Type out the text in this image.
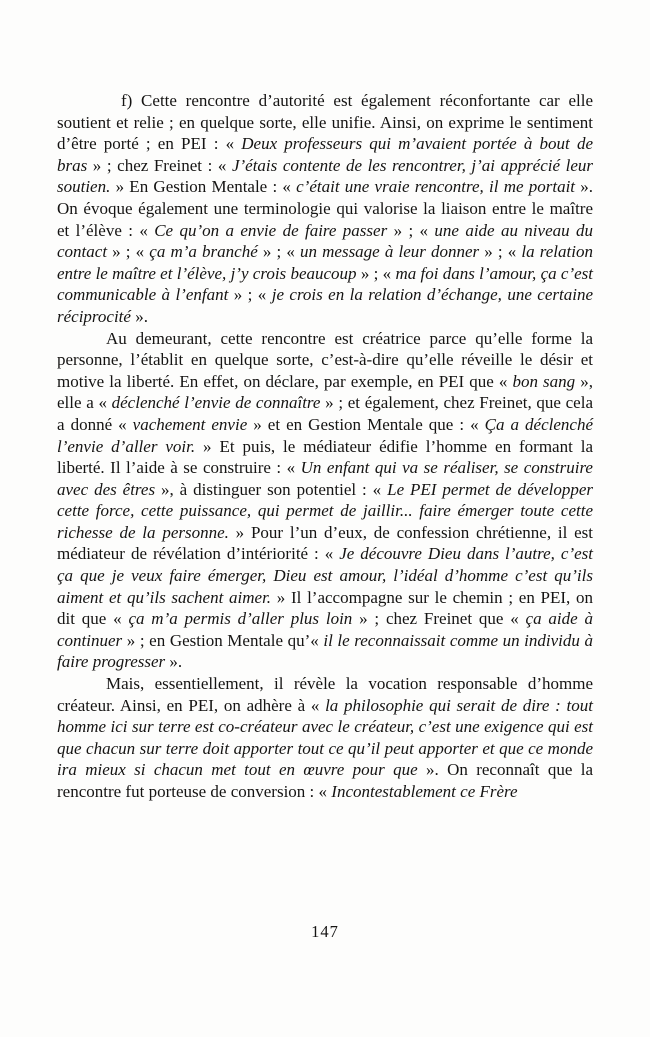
f) Cette rencontre d’autorité est également réconfortante car elle soutient et relie ; en quelque sorte, elle unifie. Ainsi, on exprime le sentiment d’être porté ; en PEI : « Deux professeurs qui m’avaient portée à bout de bras » ; chez Freinet : « J’étais contente de les rencontrer, j’ai apprécié leur soutien. » En Gestion Mentale : « c’était une vraie rencontre, il me portait ». On évoque également une terminologie qui valorise la liaison entre le maître et l’élève : « Ce qu’on a envie de faire passer » ; « une aide au niveau du contact » ; « ça m’a branché » ; « un message à leur donner » ; « la relation entre le maître et l’élève, j’y crois beaucoup » ; « ma foi dans l’amour, ça c’est communicable à l’enfant » ; « je crois en la relation d’échange, une certaine réciprocité ».

Au demeurant, cette rencontre est créatrice parce qu’elle forme la personne, l’établit en quelque sorte, c’est-à-dire qu’elle réveille le désir et motive la liberté. En effet, on déclare, par exemple, en PEI que « bon sang », elle a « déclenché l’envie de connaître » ; et également, chez Freinet, que cela a donné « vachement envie » et en Gestion Mentale que : « Ça a déclenché l’envie d’aller voir. » Et puis, le médiateur édifie l’homme en formant la liberté. Il l’aide à se construire : « Un enfant qui va se réaliser, se construire avec des êtres », à distinguer son potentiel : « Le PEI permet de développer cette force, cette puissance, qui permet de jaillir... faire émerger toute cette richesse de la personne. » Pour l’un d’eux, de confession chrétienne, il est médiateur de révélation d’intériorité : « Je découvre Dieu dans l’autre, c’est ça que je veux faire émerger, Dieu est amour, l’idéal d’homme c’est qu’ils aiment et qu’ils sachent aimer. » Il l’accompagne sur le chemin ; en PEI, on dit que « ça m’a permis d’aller plus loin » ; chez Freinet que « ça aide à continuer » ; en Gestion Mentale qu’« il le reconnaissait comme un individu à faire progresser ».

Mais, essentiellement, il révèle la vocation responsable d’homme créateur. Ainsi, en PEI, on adhère à « la philosophie qui serait de dire : tout homme ici sur terre est co-créateur avec le créateur, c’est une exigence qui est que chacun sur terre doit apporter tout ce qu’il peut apporter et que ce monde ira mieux si chacun met tout en œuvre pour que ». On reconnaît que la rencontre fut porteuse de conversion : « Incontestablement ce Frère

147
